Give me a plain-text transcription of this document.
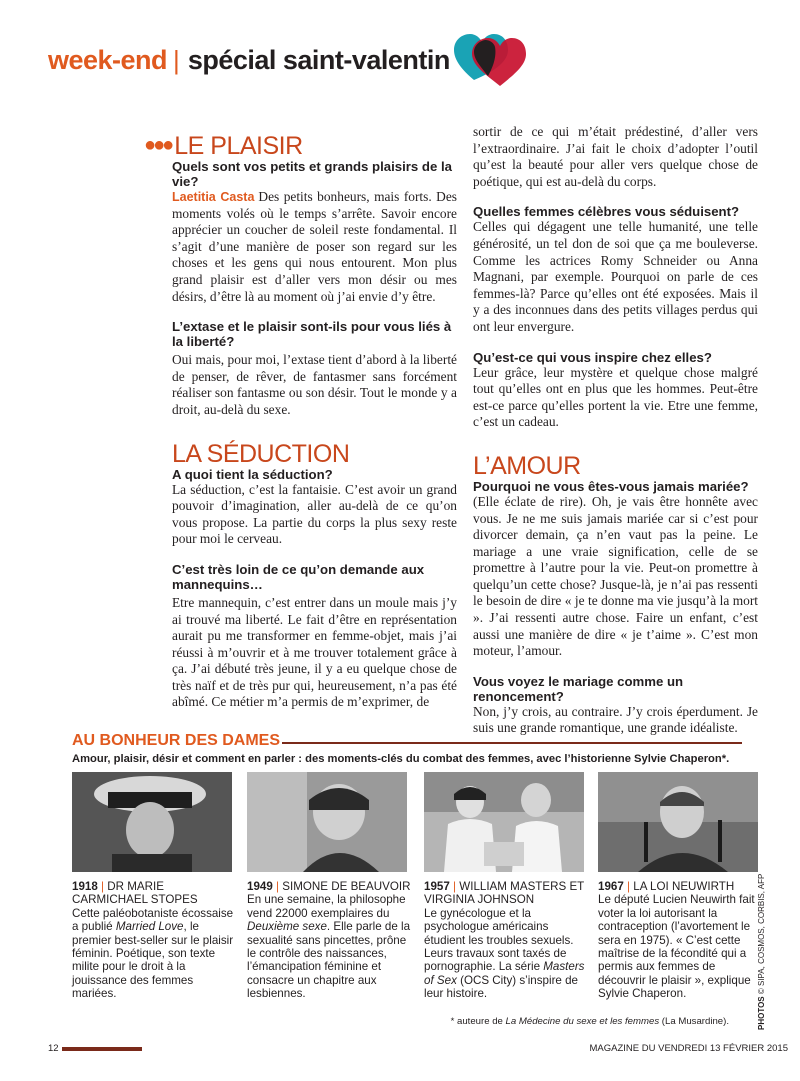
week-end | spécial saint-valentin
●●● LE PLAISIR

Quels sont vos petits et grands plaisirs de la vie?

Laetitia Casta Des petits bonheurs, mais forts. Des moments volés où le temps s’arrête. Savoir encore apprécier un coucher de soleil reste fondamental. Il s’agit d’une manière de poser son regard sur les choses et les gens qui nous entourent. Mon plus grand plaisir est d’aller vers mon désir ou mes désirs, d’être là au moment où j’ai envie d’y être.

L’extase et le plaisir sont-ils pour vous liés à la liberté?

Oui mais, pour moi, l’extase tient d’abord à la liberté de penser, de rêver, de fantasmer sans forcément réaliser son fantasme ou son désir. Tout le monde y a droit, au-delà du sexe.

LA SÉDUCTION

A quoi tient la séduction?

La séduction, c’est la fantaisie. C’est avoir un grand pouvoir d’imagination, aller au-delà de ce qu’on vous propose. La partie du corps la plus sexy reste pour moi le cerveau.

C’est très loin de ce qu’on demande aux mannequins…

Etre mannequin, c’est entrer dans un moule mais j’y ai trouvé ma liberté. Le fait d’être en représentation aurait pu me transformer en femme-objet, mais j’ai réussi à m’ouvrir et à me trouver totalement grâce à ça. J’ai débuté très jeune, il y a eu quelque chose de très naïf et de très pur qui, heureusement, n’a pas été abîmé. Ce métier m’a permis de m’exprimer, de

sortir de ce qui m’était prédestiné, d’aller vers l’extraordinaire. J’ai fait le choix d’adopter l’outil qu’est la beauté pour aller vers quelque chose de poétique, qui est au-delà du corps.

Quelles femmes célèbres vous séduisent?

Celles qui dégagent une telle humanité, une telle générosité, un tel don de soi que ça me bouleverse. Comme les actrices Romy Schneider ou Anna Magnani, par exemple. Pourquoi on parle de ces femmes-là? Parce qu’elles ont été exposées. Mais il y a des inconnues dans des petits villages perdus qui ont leur envergure.

Qu’est-ce qui vous inspire chez elles?

Leur grâce, leur mystère et quelque chose malgré tout qu’elles ont en plus que les hommes. Peut-être est-ce parce qu’elles portent la vie. Etre une femme, c’est un cadeau.

L’AMOUR

Pourquoi ne vous êtes-vous jamais mariée?

(Elle éclate de rire). Oh, je vais être honnête avec vous. Je ne me suis jamais mariée car si c’est pour divorcer demain, ça n’en vaut pas la peine. Le mariage a une vraie signification, celle de se promettre à l’autre pour la vie. Peut-on promettre à quelqu’un cette chose? Jusque-là, je n’ai pas ressenti le besoin de dire « je te donne ma vie jusqu’à la mort ». J’ai ressenti autre chose. Faire un enfant, c’est aussi une manière de dire « je t’aime ». C’est mon moteur, l’amour.

Vous voyez le mariage comme un renoncement?

Non, j’y crois, au contraire. J’y crois éperdument. Je suis une grande romantique, une grande idéaliste.

AU BONHEUR DES DAMES
Amour, plaisir, désir et comment en parler : des moments-clés du combat des femmes, avec l’historienne Sylvie Chaperon*.
1918 | DR MARIE CARMICHAEL STOPES
Cette paléobotaniste écossaise a publié Married Love, le premier best-seller sur le plaisir féminin. Poétique, son texte milite pour le droit à la jouissance des femmes mariées.
1949 | SIMONE DE BEAUVOIR
En une semaine, la philosophe vend 22000 exemplaires du Deuxième sexe. Elle parle de la sexualité sans pincettes, prône le contrôle des naissances, l’émancipation féminine et consacre un chapitre aux lesbiennes.
1957 | WILLIAM MASTERS ET VIRGINIA JOHNSON
Le gynécologue et la psychologue américains étudient les troubles sexuels. Leurs travaux sont taxés de pornographie. La série Masters of Sex (OCS City) s’inspire de leur histoire.
1967 | LA LOI NEUWIRTH
Le député Lucien Neuwirth fait voter la loi autorisant la contraception (l’avortement le sera en 1975). « C’est cette maîtrise de la fécondité qui a permis aux femmes de découvrir le plaisir », explique Sylvie Chaperon.
PHOTOS © SIPA, COSMOS, CORBIS, AFP
* auteure de La Médecine du sexe et les femmes (La Musardine).
12	MAGAZINE DU VENDREDI 13 FÉVRIER 2015
